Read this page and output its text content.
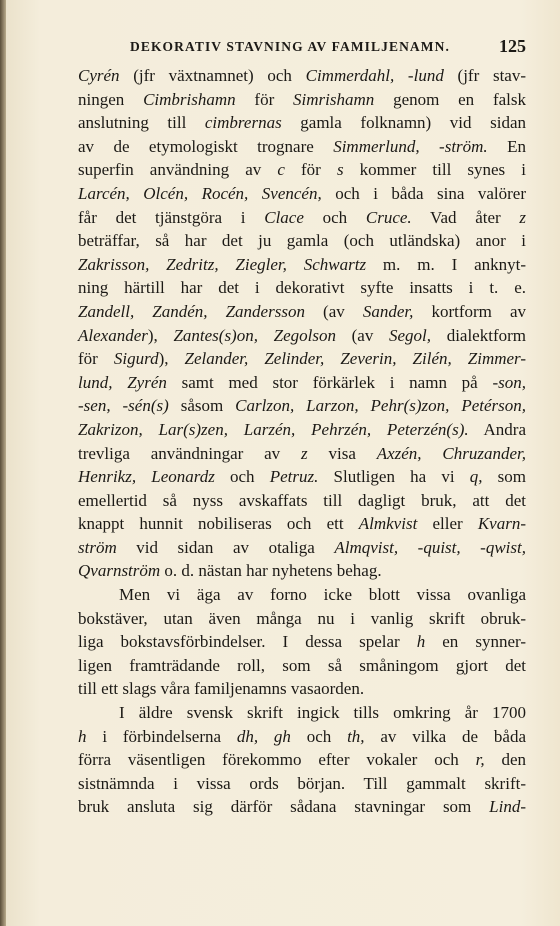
DEKORATIV STAVNING AV FAMILJENAMN.	125
Cyrén (jfr växtnamnet) och Cimmerdahl, -lund (jfr stav-
ningen Cimbrishamn för Simrishamn genom en falsk
anslutning till cimbrernas gamla folknamn) vid sidan
av de etymologiskt trognare Simmerlund, -ström. En
superfin användning av c för s kommer till synes i
Larcén, Olcén, Rocén, Svencén, och i båda sina valörer
får det tjänstgöra i Clace och Cruce. Vad åter z
beträffar, så har det ju gamla (och utländska) anor i
Zakrisson, Zedritz, Ziegler, Schwartz m. m. I anknyt-
ning härtill har det i dekorativt syfte insatts i t. e.
Zandell, Zandén, Zandersson (av Sander, kortform av
Alexander), Zantes(s)on, Zegolson (av Segol, dialektform
för Sigurd), Zelander, Zelinder, Zeverin, Zilén, Zimmer-
lund, Zyrén samt med stor förkärlek i namn på -son,
-sen, -sén(s) såsom Carlzon, Larzon, Pehr(s)zon, Petérson,
Zakrizon, Lar(s)zen, Larzén, Pehrzén, Peterzén(s). Andra
trevliga användningar av z visa Axzén, Chruzander,
Henrikz, Leonardz och Petruz. Slutligen ha vi q, som
emellertid så nyss avskaffats till dagligt bruk, att det
knappt hunnit nobiliseras och ett Almkvist eller Kvarn-
ström vid sidan av otaliga Almqvist, -quist, -qwist,
Qvarnström o. d. nästan har nyhetens behag.
Men vi äga av forno icke blott vissa ovanliga
bokstäver, utan även många nu i vanlig skrift obruk-
liga bokstavsförbindelser. I dessa spelar h en synner-
ligen framträdande roll, som så småningom gjort det
till ett slags våra familjenamns vasaorden.
I äldre svensk skrift ingick tills omkring år 1700
h i förbindelserna dh, gh och th, av vilka de båda
förra väsentligen förekommo efter vokaler och r, den
sistnämnda i vissa ords början. Till gammalt skrift-
bruk ansluta sig därför sådana stavningar som Lind-
